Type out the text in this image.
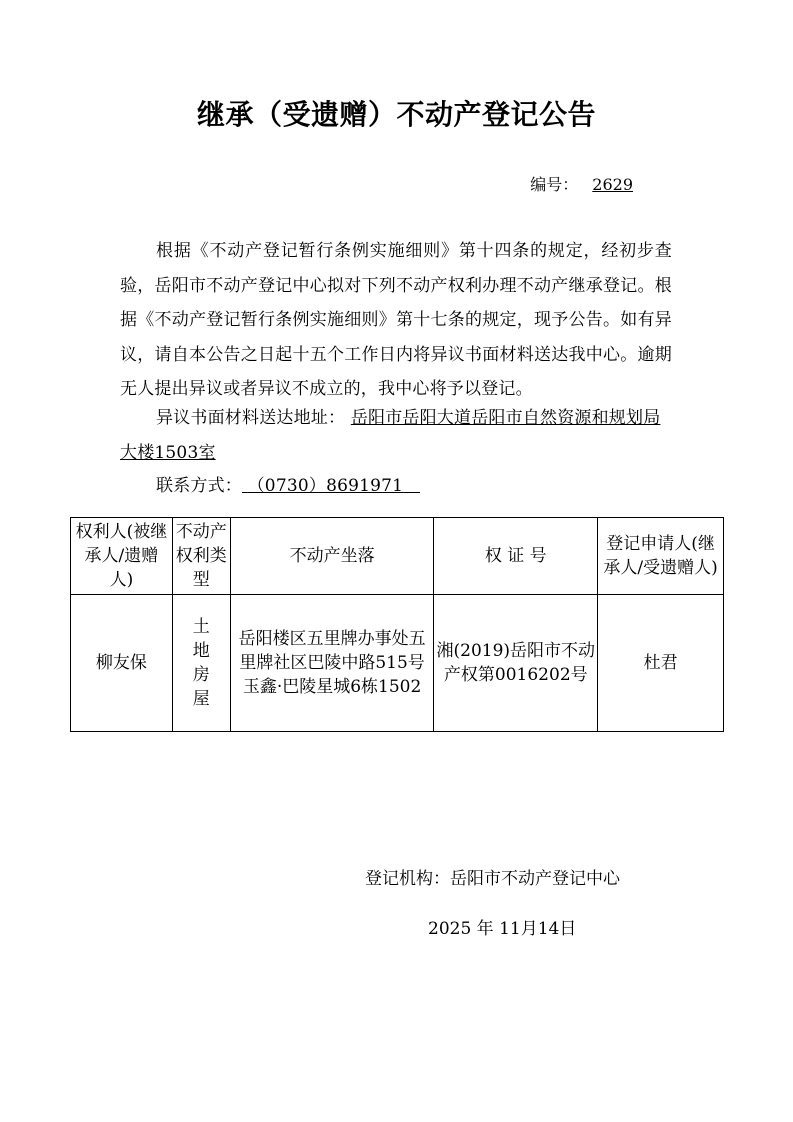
继承（受遗赠）不动产登记公告
编号： 2629
根据《不动产登记暂行条例实施细则》第十四条的规定，经初步查验，岳阳市不动产登记中心拟对下列不动产权利办理不动产继承登记。根据《不动产登记暂行条例实施细则》第十七条的规定，现予公告。如有异议，请自本公告之日起十五个工作日内将异议书面材料送达我中心。逾期无人提出异议或者异议不成立的，我中心将予以登记。
异议书面材料送达地址： 岳阳市岳阳大道岳阳市自然资源和规划局大楼1503室
联系方式： （0730）8691971
权利人(被继承人/遗赠人)	不动产权利类型	不动产坐落	权 证 号	登记申请人(继承人/受遗赠人)
柳友保	土地房屋	岳阳楼区五里牌办事处五里牌社区巴陵中路515号玉鑫·巴陵星城6栋1502	湘(2019)岳阳市不动产权第0016202号	杜君
登记机构：岳阳市不动产登记中心
2025 年 11月14日
